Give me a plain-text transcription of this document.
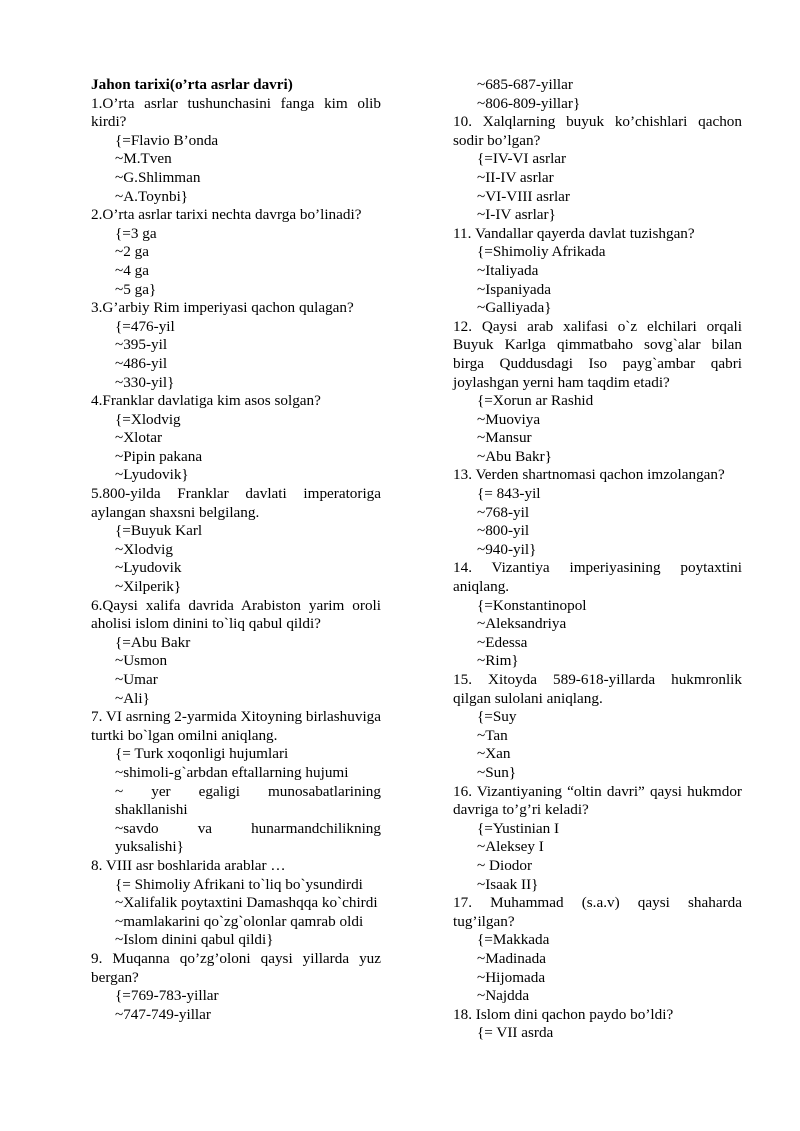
Jahon tarixi(o’rta asrlar davri)
1.O’rta asrlar tushunchasini fanga kim olib kirdi?
{=Flavio B’onda
~M.Tven
~G.Shlimman
~A.Toynbi}
2.O’rta asrlar tarixi nechta davrga bo’linadi?
{=3 ga
~2 ga
~4 ga
~5 ga}
3.G’arbiy Rim imperiyasi qachon qulagan?
{=476-yil
~395-yil
~486-yil
~330-yil}
4.Franklar davlatiga kim asos solgan?
{=Xlodvig
~Xlotar
~Pipin pakana
~Lyudovik}
5.800-yilda Franklar davlati imperatoriga aylangan shaxsni belgilang.
{=Buyuk Karl
~Xlodvig
~Lyudovik
~Xilperik}
6.Qaysi xalifa davrida Arabiston yarim oroli aholisi islom dinini to`liq qabul qildi?
{=Abu Bakr
~Usmon
~Umar
~Ali}
7. VI asrning 2-yarmida Xitoyning birlashuviga turtki bo`lgan omilni aniqlang.
{= Turk xoqonligi hujumlari
~shimoli-g`arbdan eftallarning hujumi
~ yer egaligi munosabatlarining shakllanishi
~savdo va hunarmandchilikning yuksalishi}
8. VIII asr boshlarida arablar …
{= Shimoliy Afrikani to`liq bo`ysundirdi
~Xalifalik poytaxtini Damashqqa ko`chirdi
~mamlakarini qo`zg`olonlar qamrab oldi
~Islom dinini qabul qildi}
9. Muqanna qo’zg’oloni qaysi yillarda yuz bergan?
{=769-783-yillar
~747-749-yillar
~685-687-yillar
~806-809-yillar}
10. Xalqlarning buyuk ko’chishlari qachon sodir bo’lgan?
{=IV-VI asrlar
~II-IV asrlar
~VI-VIII asrlar
~I-IV asrlar}
11. Vandallar qayerda davlat tuzishgan?
{=Shimoliy Afrikada
~Italiyada
~Ispaniyada
~Galliyada}
12. Qaysi arab xalifasi o`z elchilari orqali Buyuk Karlga qimmatbaho sovg`alar bilan birga Quddusdagi Iso payg`ambar qabri joylashgan yerni ham taqdim etadi?
{=Xorun ar Rashid
~Muoviya
~Mansur
~Abu Bakr}
13. Verden shartnomasi qachon imzolangan?
{= 843-yil
~768-yil
~800-yil
~940-yil}
14. Vizantiya imperiyasining poytaxtini aniqlang.
{=Konstantinopol
~Aleksandriya
~Edessa
~Rim}
15. Xitoyda 589-618-yillarda hukmronlik qilgan sulolani aniqlang.
{=Suy
~Tan
~Xan
~Sun}
16. Vizantiyaning “oltin davri” qaysi hukmdor davriga to’g’ri keladi?
{=Yustinian I
~Aleksey I
~ Diodor
~Isaak II}
17. Muhammad (s.a.v) qaysi shaharda tug’ilgan?
{=Makkada
~Madinada
~Hijomada
~Najdda
18. Islom dini qachon paydo bo’ldi?
{= VII asrda
